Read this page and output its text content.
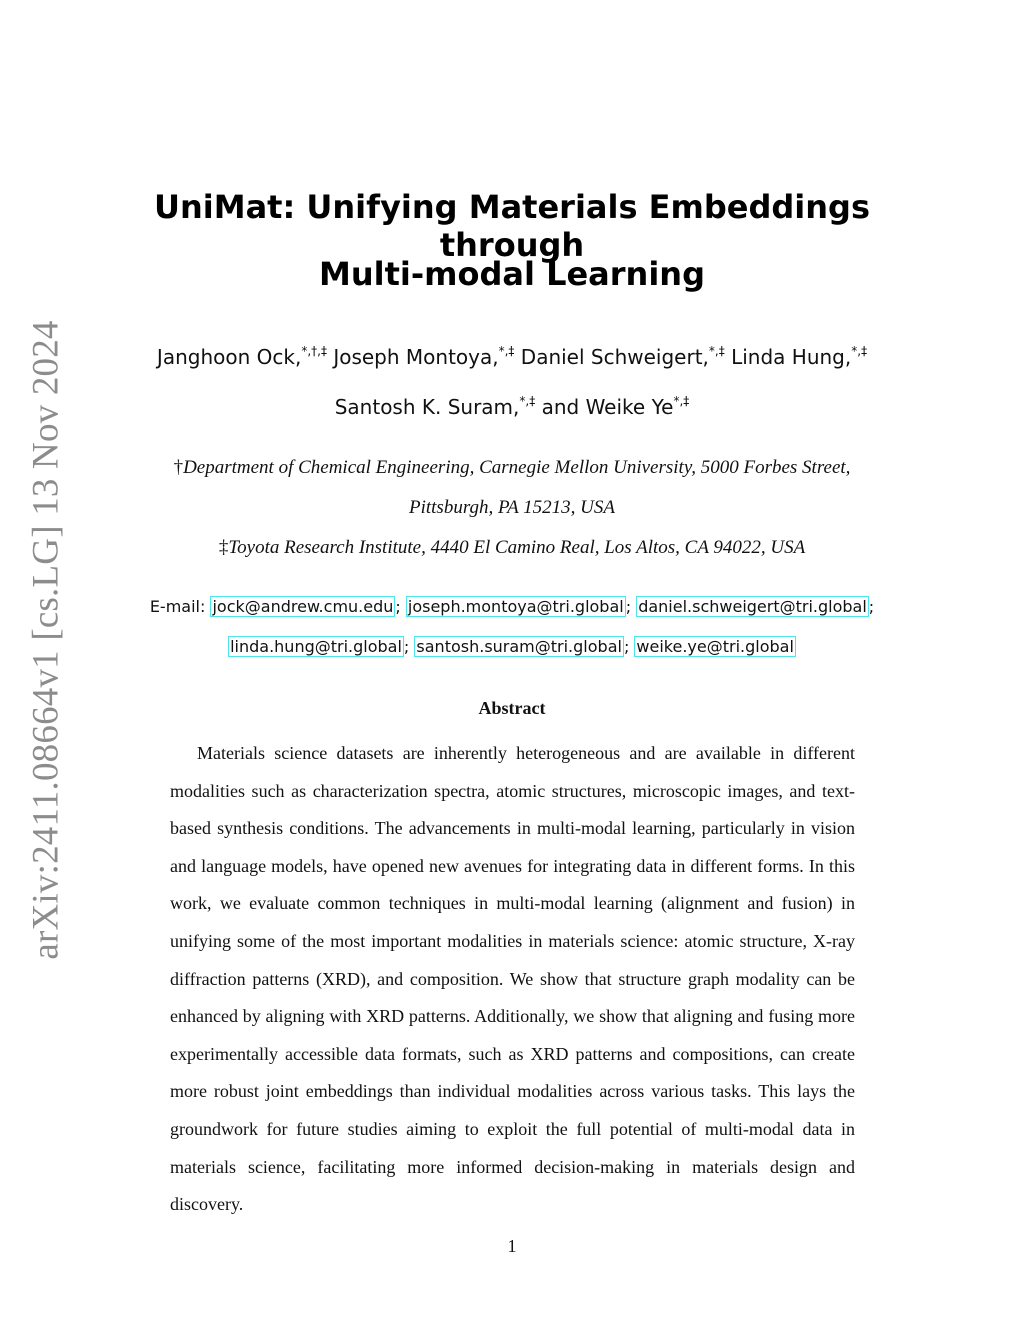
arXiv:2411.08664v1 [cs.LG] 13 Nov 2024
UniMat: Unifying Materials Embeddings through
Multi-modal Learning
Janghoon Ock,*,†,‡ Joseph Montoya,*,‡ Daniel Schweigert,*,‡ Linda Hung,*,‡
Santosh K. Suram,*,‡ and Weike Ye*,‡
†Department of Chemical Engineering, Carnegie Mellon University, 5000 Forbes Street,
Pittsburgh, PA 15213, USA
‡Toyota Research Institute, 4440 El Camino Real, Los Altos, CA 94022, USA
E-mail: jock@andrew.cmu.edu ; joseph.montoya@tri.global ; daniel.schweigert@tri.global ;
linda.hung@tri.global ; santosh.suram@tri.global ; weike.ye@tri.global
Abstract

Materials science datasets are inherently heterogeneous and are available in different modalities such as characterization spectra, atomic structures, microscopic images, and text-based synthesis conditions. The advancements in multi-modal learning, particularly in vision and language models, have opened new avenues for integrating data in different forms. In this work, we evaluate common techniques in multi-modal learning (alignment and fusion) in unifying some of the most important modalities in materials science: atomic structure, X-ray diffraction patterns (XRD), and composition. We show that structure graph modality can be enhanced by aligning with XRD patterns. Additionally, we show that aligning and fusing more experimentally accessible data formats, such as XRD patterns and compositions, can create more robust joint embeddings than individual modalities across various tasks. This lays the groundwork for future studies aiming to exploit the full potential of multi-modal data in materials science, facilitating more informed decision-making in materials design and discovery.

1
